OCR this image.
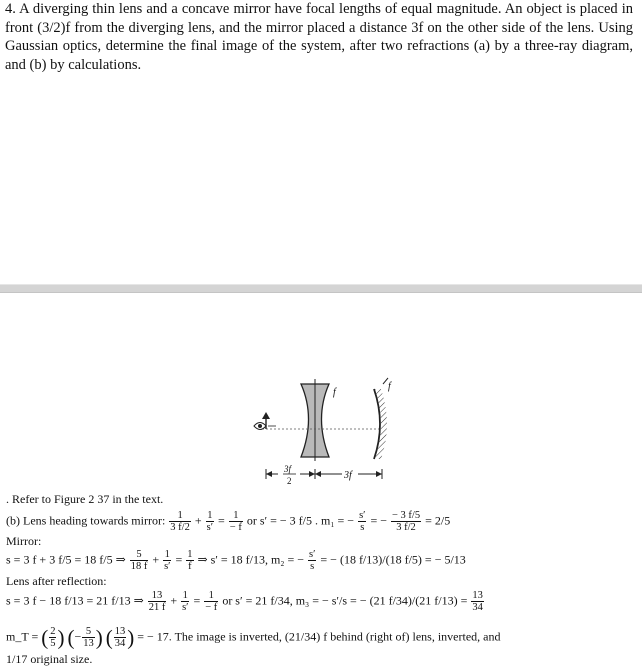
4. A diverging thin lens and a concave mirror have focal lengths of equal magnitude. An object is placed in front (3/2)f from the diverging lens, and the mirror placed a distance 3f on the other side of the lens. Using Gaussian optics, determine the final image of the system, after two refractions (a) by a three-ray diagram, and (b) by calculations.

f
f
3f
2	3f
. Refer to Figure 2 37 in the text.
(b) Lens heading towards mirror: $\frac{1}{3 f/2} + \frac{1}{s'} = \frac{1}{- f}$ or s′ = − 3 f/5 . m₁ = − $\frac{s'}{s}$ = − $\frac{- 3 f/5}{3 f/2} = 2/5$
Mirror:
s = 3 f + 3 f/5 = 18 f/5 ⇒ $\frac{5}{18 f} + \frac{1}{s'} = \frac{1}{f}$ ⇒ s′ = 18 f/13, m₂ = − $\frac{s'}{s}$ = − (18 f/13)/(18 f/5) = − 5/13
Lens after reflection:
s = 3 f − 18 f/13 = 21 f/13 ⇒ $\frac{13}{21 f} + \frac{1}{s'} = \frac{1}{- f}$ or s′ = 21 f/34, m₃ = − s′/s = − (21 f/34)/(21 $f/13) = \frac{13}{34}$
m_T = ( $\frac{2}{5}$ ) (− $\frac{5}{13}$ ) ( $\frac{13}{34}$ ) = − 17. The image is inverted, (21/34) f behind (right of) lens, inverted, and
1/17 original size.
